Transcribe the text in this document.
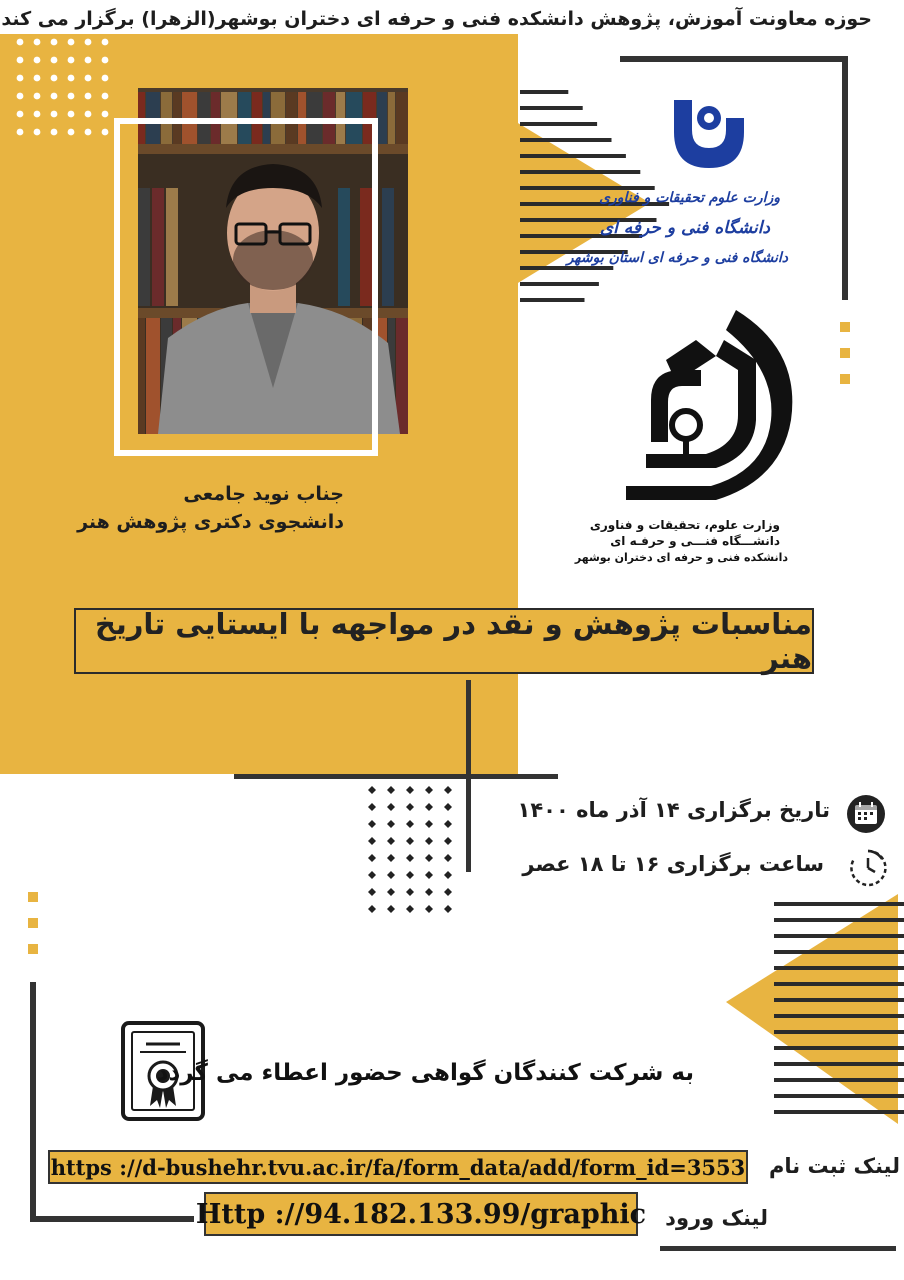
حوزه معاونت آموزش، پژوهش دانشکده فنی و حرفه ای دختران بوشهر(الزهرا) برگزار می کند
جناب نوید جامعی
دانشجوی دکتری پژوهش هنر
وزارت علوم تحقیقات و فناوری
دانشگاه فنی و حرفه ای
دانشگاه فنی و حرفه ای استان بوشهر
وزارت علوم، تحقیقات و فناوری
دانشـــگاه فنـــی و حرفـه ای
دانشکده فنی و حرفه ای دختران بوشهر
مناسبات پژوهش و نقد در مواجهه با ایستایی تاریخ هنر
تاریخ برگزاری ۱۴ آذر ماه ۱۴۰۰
ساعت برگزاری ۱۶ تا ۱۸ عصر
به شرکت کنندگان گواهی حضور اعطاء می گردد
لینک ثبت نام
https ://d-bushehr.tvu.ac.ir/fa/form_data/add/form_id=3553
لینک ورود
Http ://94.182.133.99/graphic
